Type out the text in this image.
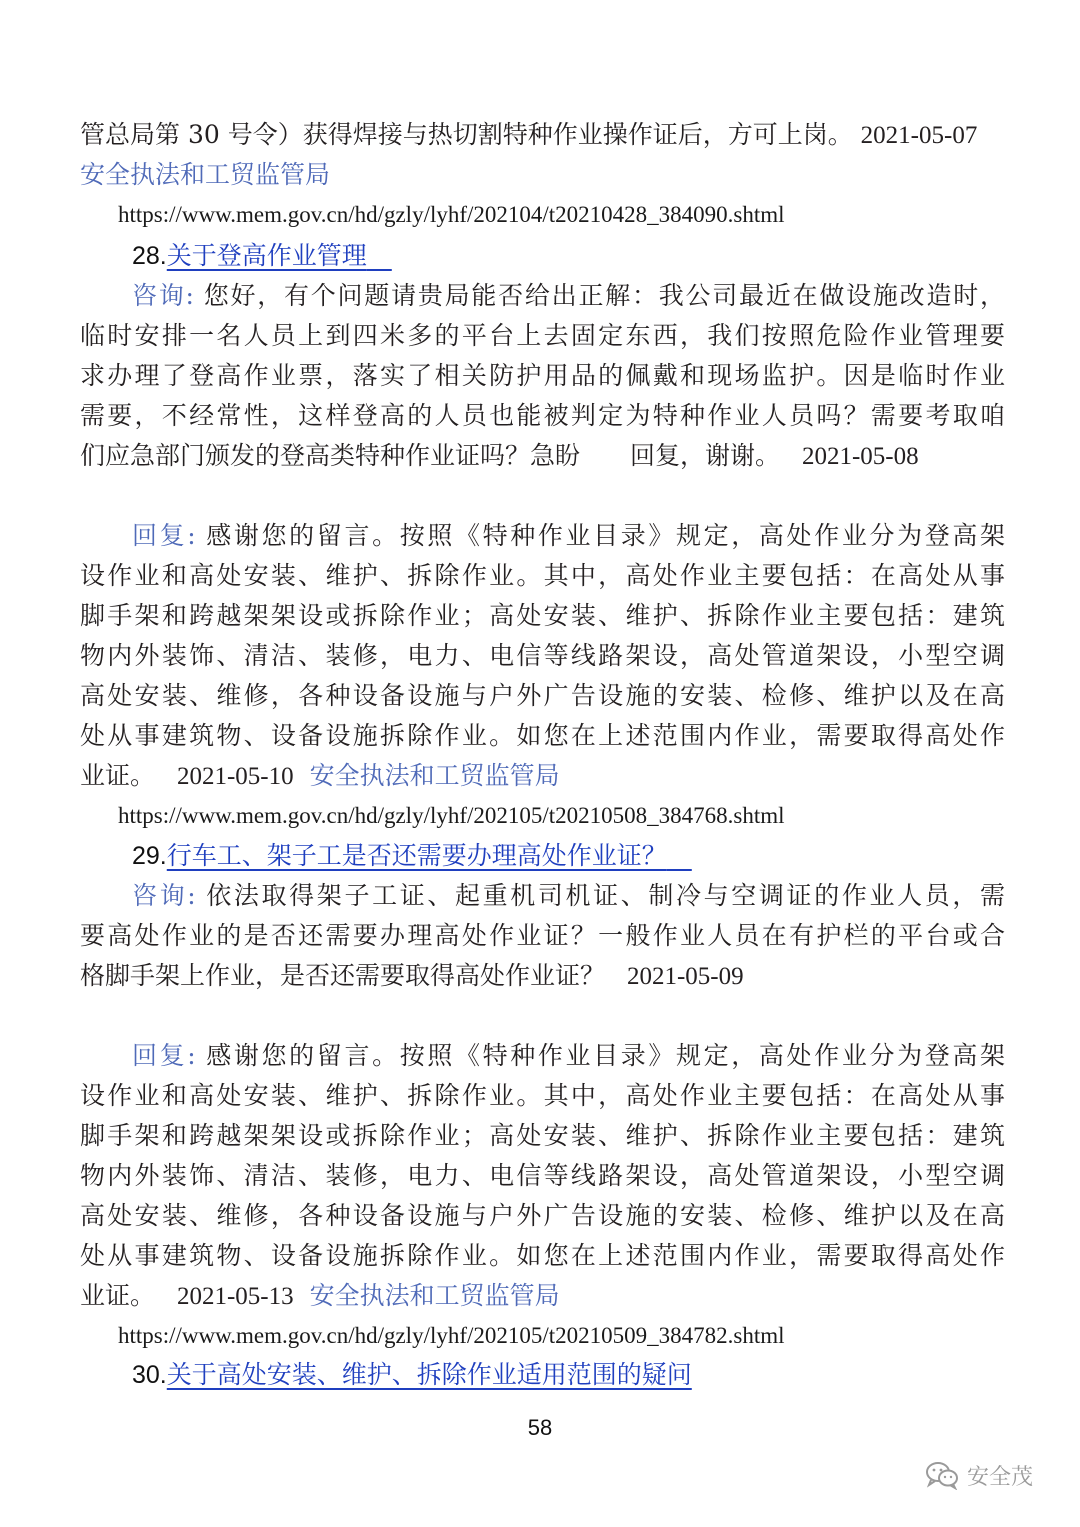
管总局第 30 号令）获得焊接与热切割特种作业操作证后，方可上岗。 2021-05-07
安全执法和工贸监管局
https://www.mem.gov.cn/hd/gzly/lyhf/202104/t20210428_384090.shtml
28.关于登高作业管理　
咨询: 您好，有个问题请贵局能否给出正解：我公司最近在做设施改造时，
临时安排一名人员上到四米多的平台上去固定东西，我们按照危险作业管理要
求办理了登高作业票，落实了相关防护用品的佩戴和现场监护。因是临时作业
需要，不经常性，这样登高的人员也能被判定为特种作业人员吗？需要考取咱
们应急部门颁发的登高类特种作业证吗？急盼　　回复，谢谢。 2021-05-08
回复: 感谢您的留言。按照《特种作业目录》规定，高处作业分为登高架
设作业和高处安装、维护、拆除作业。其中，高处作业主要包括：在高处从事
脚手架和跨越架架设或拆除作业；高处安装、维护、拆除作业主要包括：建筑
物内外装饰、清洁、装修，电力、电信等线路架设，高处管道架设，小型空调
高处安装、维修，各种设备设施与户外广告设施的安装、检修、维护以及在高
处从事建筑物、设备设施拆除作业。如您在上述范围内作业，需要取得高处作
业证。 2021-05-10 安全执法和工贸监管局
https://www.mem.gov.cn/hd/gzly/lyhf/202105/t20210508_384768.shtml
29.行车工、架子工是否还需要办理高处作业证？　
咨询: 依法取得架子工证、起重机司机证、制冷与空调证的作业人员，需
要高处作业的是否还需要办理高处作业证？一般作业人员在有护栏的平台或合
格脚手架上作业，是否还需要取得高处作业证？ 2021-05-09
回复: 感谢您的留言。按照《特种作业目录》规定，高处作业分为登高架
设作业和高处安装、维护、拆除作业。其中，高处作业主要包括：在高处从事
脚手架和跨越架架设或拆除作业；高处安装、维护、拆除作业主要包括：建筑
物内外装饰、清洁、装修，电力、电信等线路架设，高处管道架设，小型空调
高处安装、维修，各种设备设施与户外广告设施的安装、检修、维护以及在高
处从事建筑物、设备设施拆除作业。如您在上述范围内作业，需要取得高处作
业证。 2021-05-13 安全执法和工贸监管局
https://www.mem.gov.cn/hd/gzly/lyhf/202105/t20210509_384782.shtml
30.关于高处安装、维护、拆除作业适用范围的疑问
58
安全茂
